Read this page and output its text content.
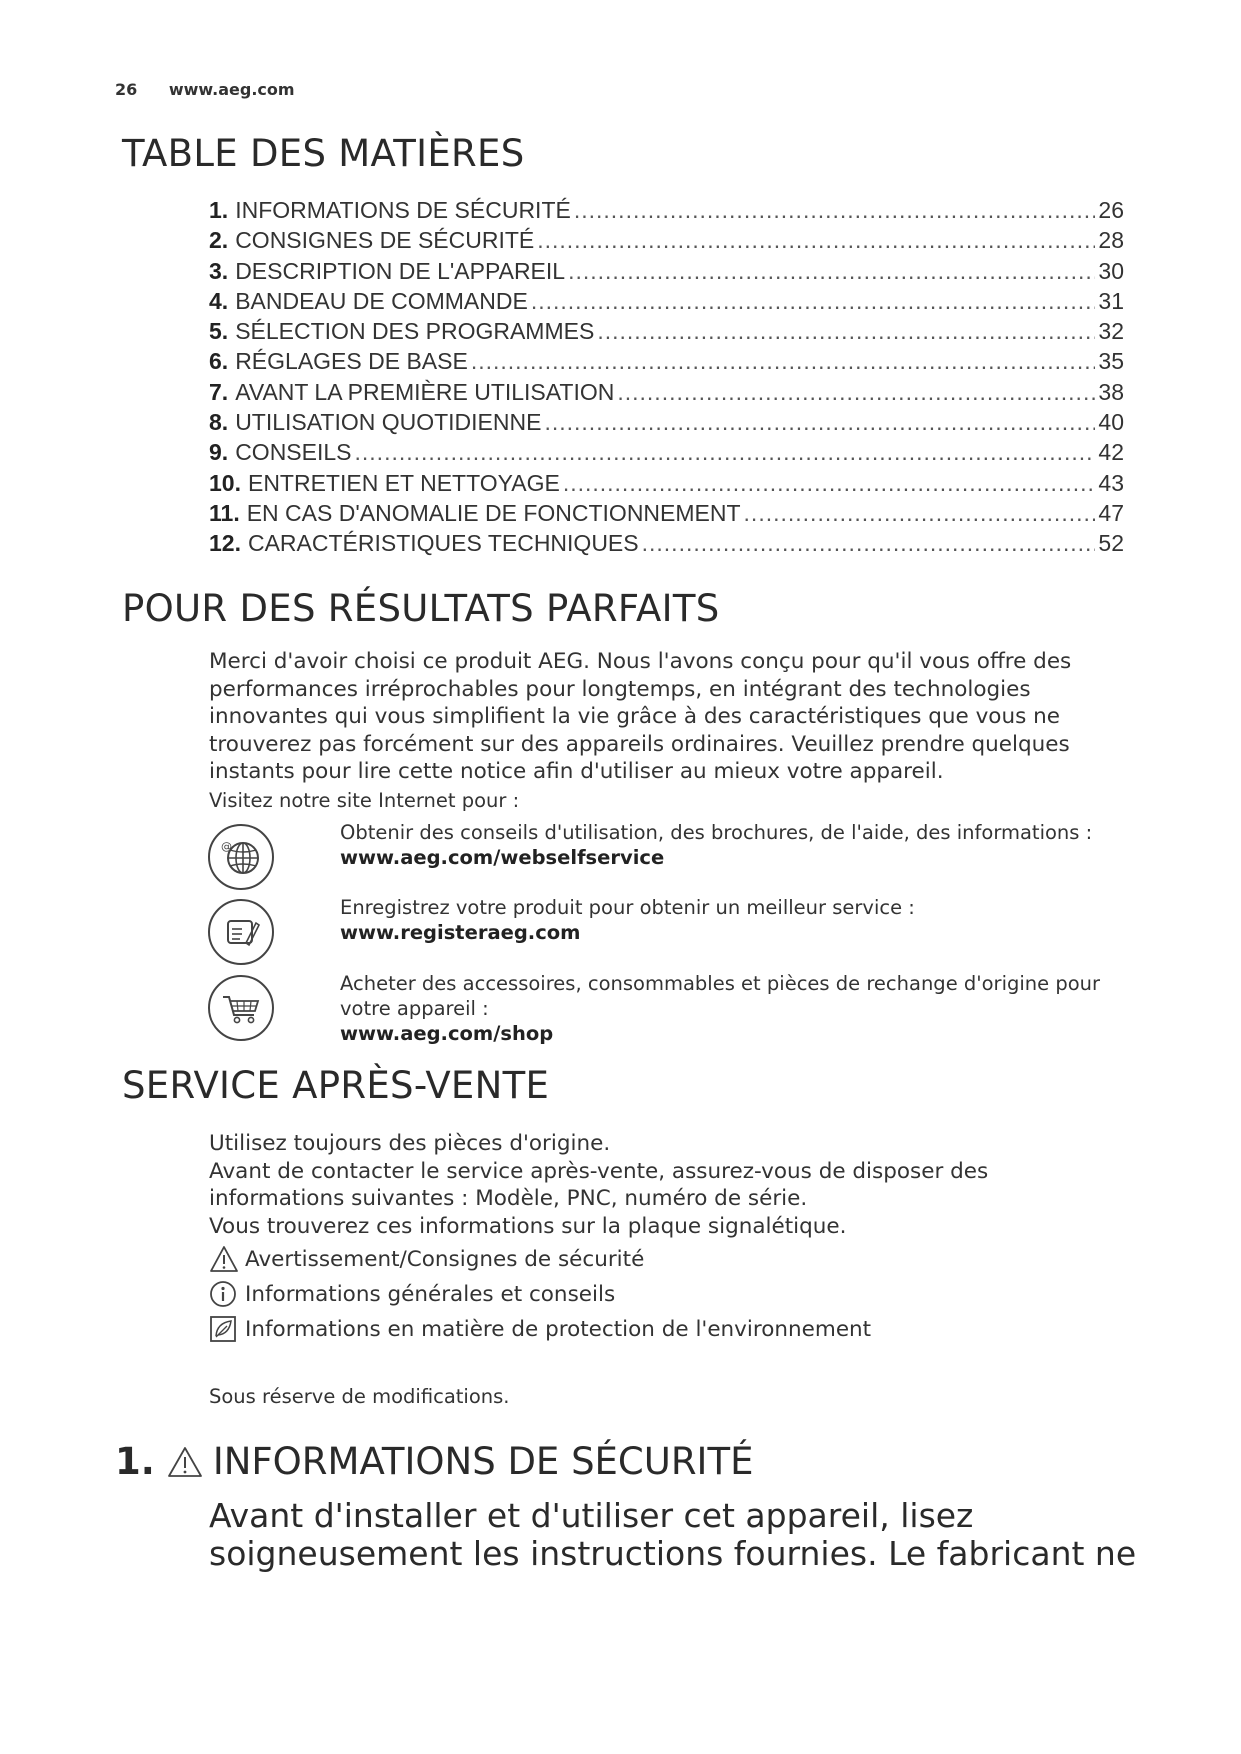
26 www.aeg.com
TABLE DES MATIÈRES
1. INFORMATIONS DE SÉCURITÉ .....	26
2. CONSIGNES DE SÉCURITÉ .....	28
3. DESCRIPTION DE L'APPAREIL .....	30
4. BANDEAU DE COMMANDE .....	31
5. SÉLECTION DES PROGRAMMES .....	32
6. RÉGLAGES DE BASE .....	35
7. AVANT LA PREMIÈRE UTILISATION .....	38
8. UTILISATION QUOTIDIENNE .....	40
9. CONSEILS .....	42
10. ENTRETIEN ET NETTOYAGE .....	43
11. EN CAS D'ANOMALIE DE FONCTIONNEMENT .....	47
12. CARACTÉRISTIQUES TECHNIQUES .....	52
POUR DES RÉSULTATS PARFAITS
Merci d'avoir choisi ce produit AEG. Nous l'avons conçu pour qu'il vous offre des performances irréprochables pour longtemps, en intégrant des technologies innovantes qui vous simplifient la vie grâce à des caractéristiques que vous ne trouverez pas forcément sur des appareils ordinaires. Veuillez prendre quelques instants pour lire cette notice afin d'utiliser au mieux votre appareil.
Visitez notre site Internet pour :
@
Obtenir des conseils d'utilisation, des brochures, de l'aide, des informations :
www.aeg.com/webselfservice
Enregistrez votre produit pour obtenir un meilleur service :
www.registeraeg.com
Acheter des accessoires, consommables et pièces de rechange d'origine pour votre appareil :
www.aeg.com/shop
SERVICE APRÈS-VENTE
Utilisez toujours des pièces d'origine.
Avant de contacter le service après-vente, assurez-vous de disposer des informations suivantes : Modèle, PNC, numéro de série.
Vous trouverez ces informations sur la plaque signalétique.
Avertissement/Consignes de sécurité
Informations générales et conseils
Informations en matière de protection de l'environnement
Sous réserve de modifications.
1. INFORMATIONS DE SÉCURITÉ
Avant d'installer et d'utiliser cet appareil, lisez soigneusement les instructions fournies. Le fabricant ne
